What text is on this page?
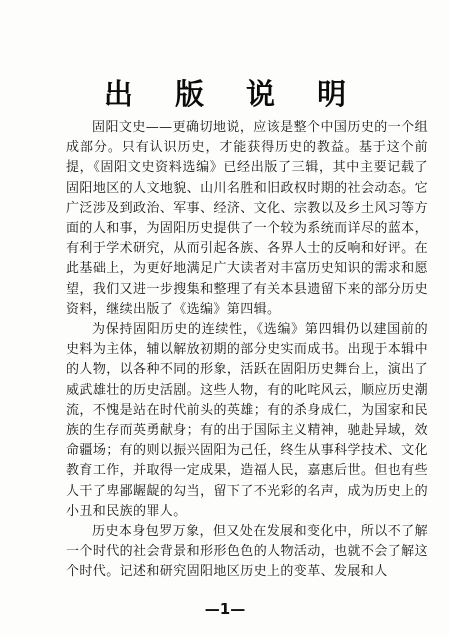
出 版 说 明

固阳文史——更确切地说，应该是整个中国历史的一个组成部分。只有认识历史，才能获得历史的教益。基于这个前提，《固阳文史资料选编》已经出版了三辑，其中主要记载了固阳地区的人文地貌、山川名胜和旧政权时期的社会动态。它广泛涉及到政治、军事、经济、文化、宗教以及乡土风习等方面的人和事，为固阳历史提供了一个较为系统而详尽的蓝本，有利于学术研究，从而引起各族、各界人士的反响和好评。在此基础上，为更好地满足广大读者对丰富历史知识的需求和愿望，我们又进一步搜集和整理了有关本县遗留下来的部分历史资料，继续出版了《选编》第四辑。

为保持固阳历史的连续性，《选编》第四辑仍以建国前的史料为主体，辅以解放初期的部分史实而成书。出现于本辑中的人物，以各种不同的形象，活跃在固阳历史舞台上，演出了威武雄壮的历史活剧。这些人物，有的叱咤风云，顺应历史潮流，不愧是站在时代前头的英雄；有的杀身成仁，为国家和民族的生存而英勇献身；有的出于国际主义精神，驰赴异域，效命疆场；有的则以振兴固阳为己任，终生从事科学技术、文化教育工作，并取得一定成果，造福人民，嘉惠后世。但也有些人干了卑鄙龌龊的勾当，留下了不光彩的名声，成为历史上的小丑和民族的罪人。

历史本身包罗万象，但又处在发展和变化中，所以不了解一个时代的社会背景和形形色色的人物活动，也就不会了解这个时代。记述和研究固阳地区历史上的变革、发展和人

—1—
